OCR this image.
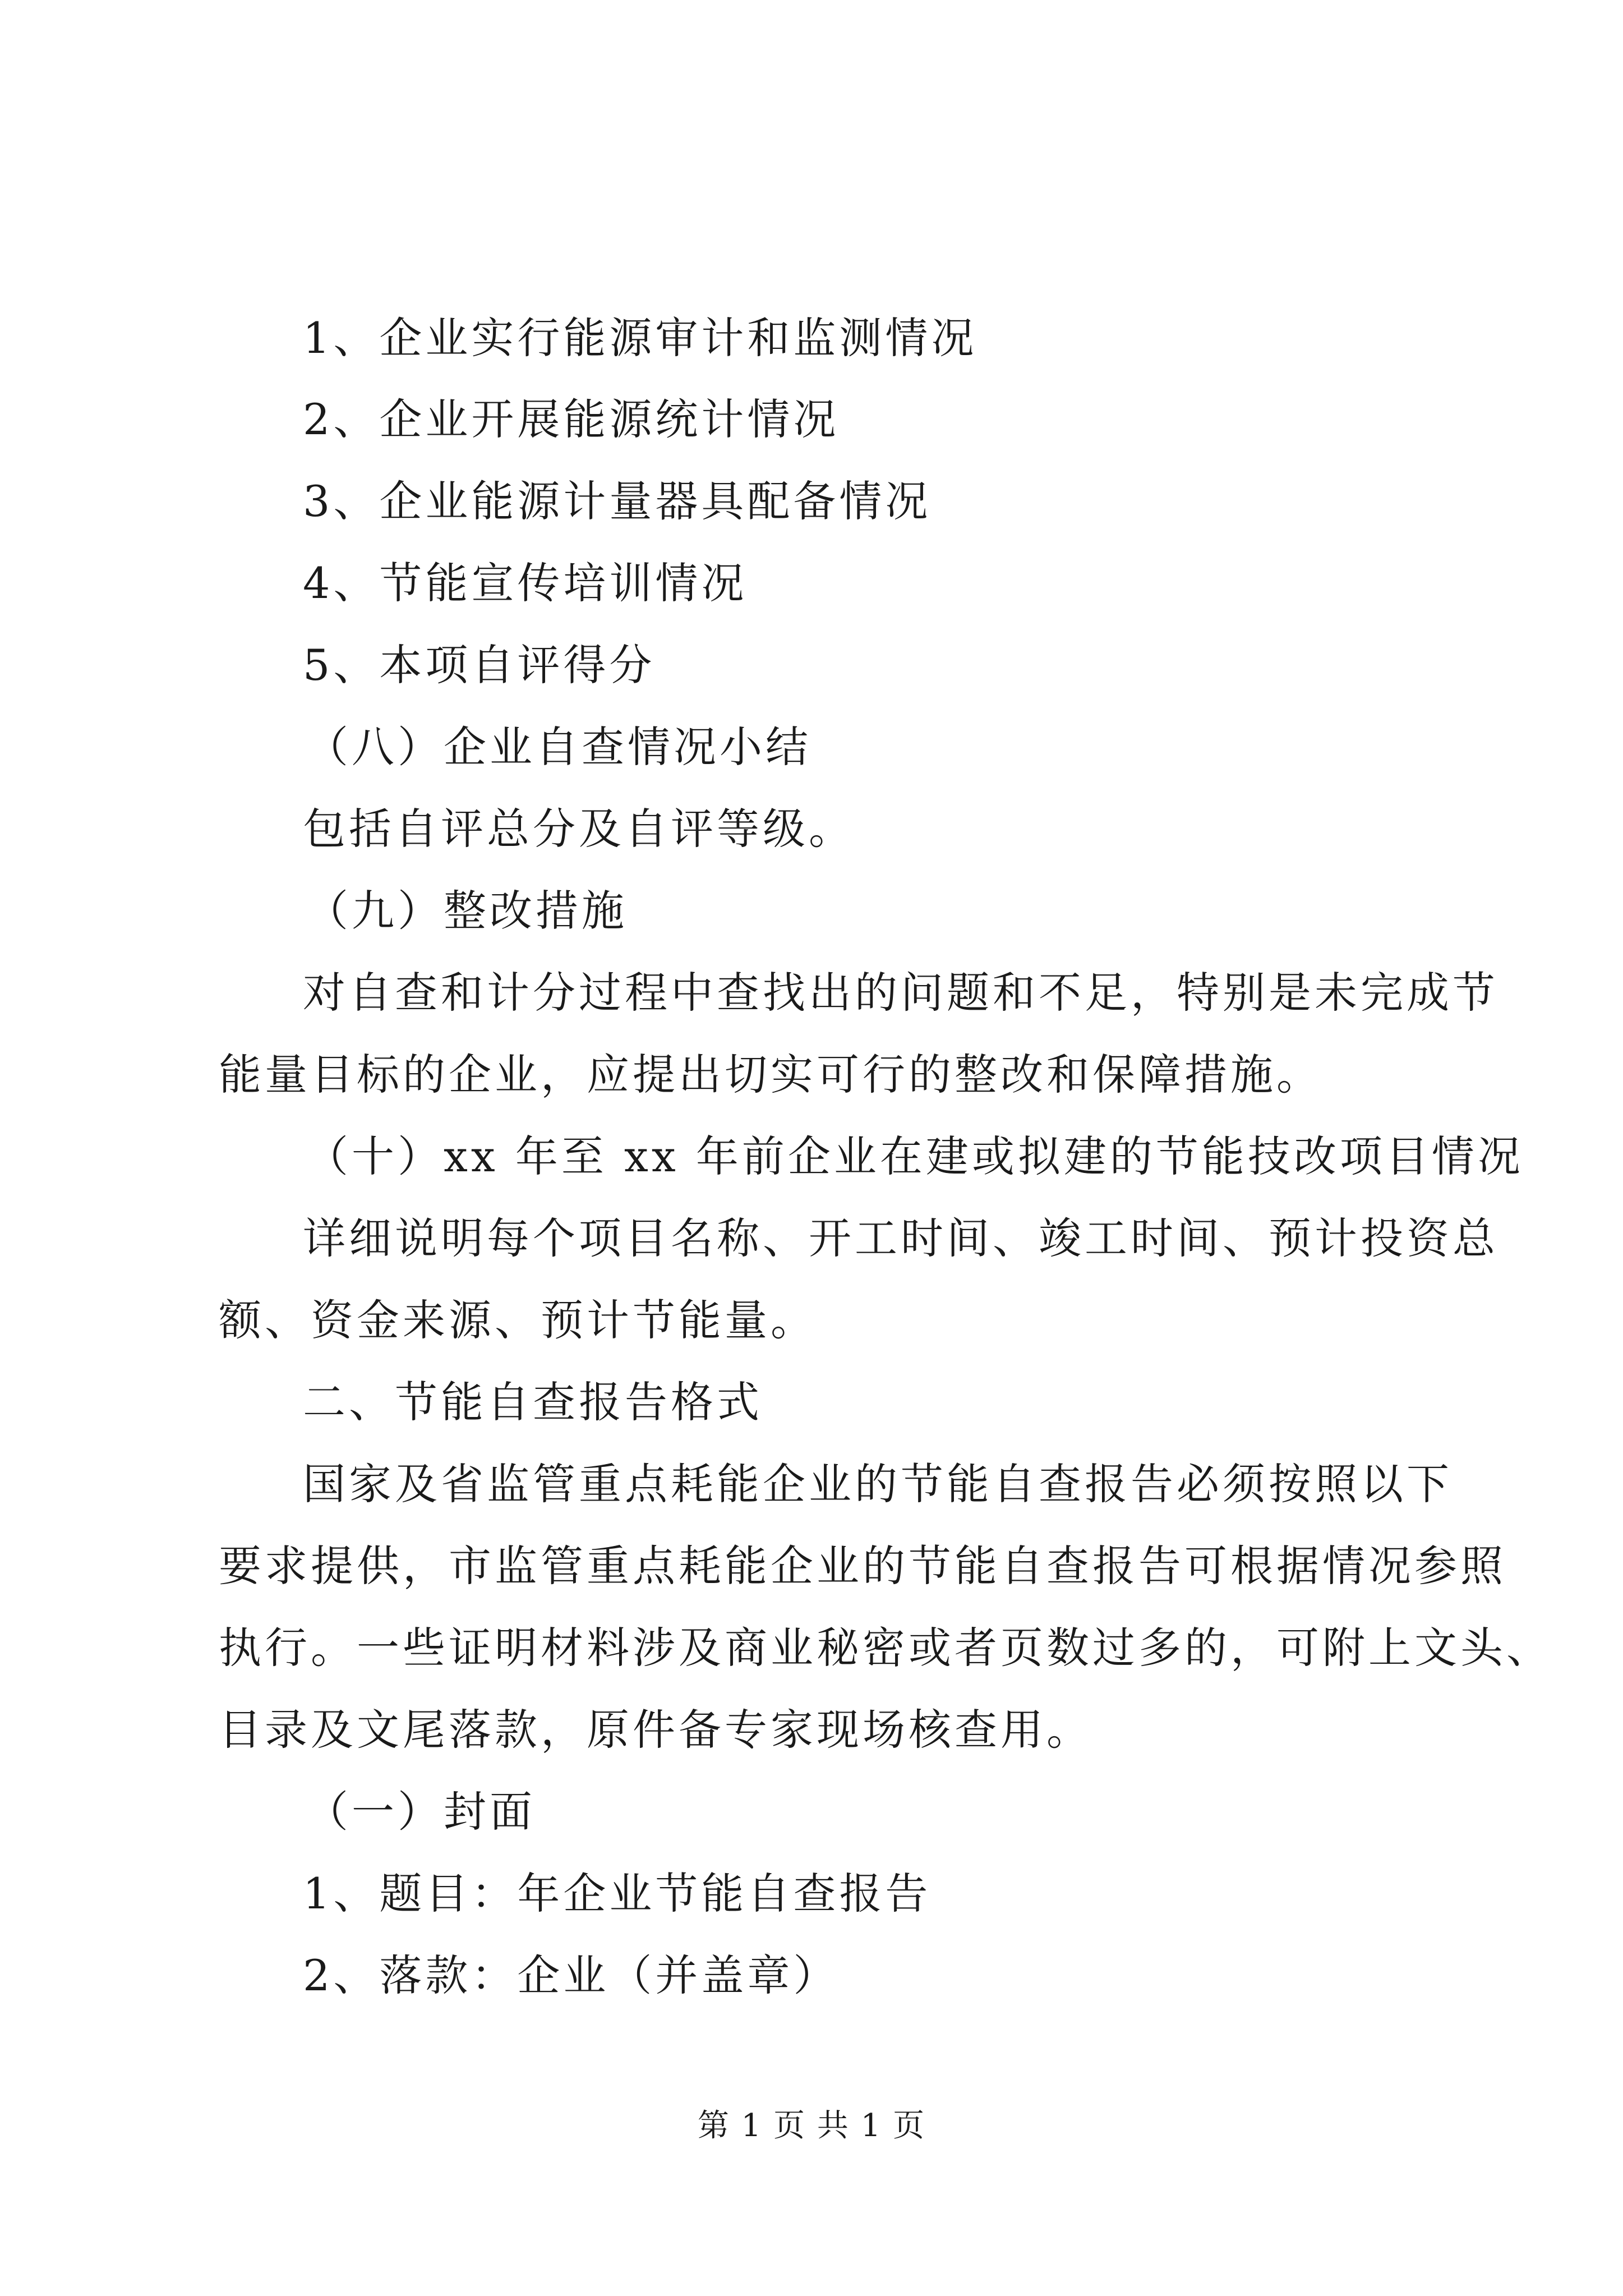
1、企业实行能源审计和监测情况
2、企业开展能源统计情况
3、企业能源计量器具配备情况
4、节能宣传培训情况
5、本项自评得分
（八）企业自查情况小结
包括自评总分及自评等级。
（九）整改措施
对自查和计分过程中查找出的问题和不足，特别是未完成节
能量目标的企业，应提出切实可行的整改和保障措施。
（十）xx 年至 xx 年前企业在建或拟建的节能技改项目情况
详细说明每个项目名称、开工时间、竣工时间、预计投资总
额、资金来源、预计节能量。
二、节能自查报告格式
国家及省监管重点耗能企业的节能自查报告必须按照以下
要求提供，市监管重点耗能企业的节能自查报告可根据情况参照
执行。一些证明材料涉及商业秘密或者页数过多的，可附上文头、
目录及文尾落款，原件备专家现场核查用。
（一）封面
1、题目：年企业节能自查报告
2、落款：企业（并盖章）
第 1 页 共 1 页
